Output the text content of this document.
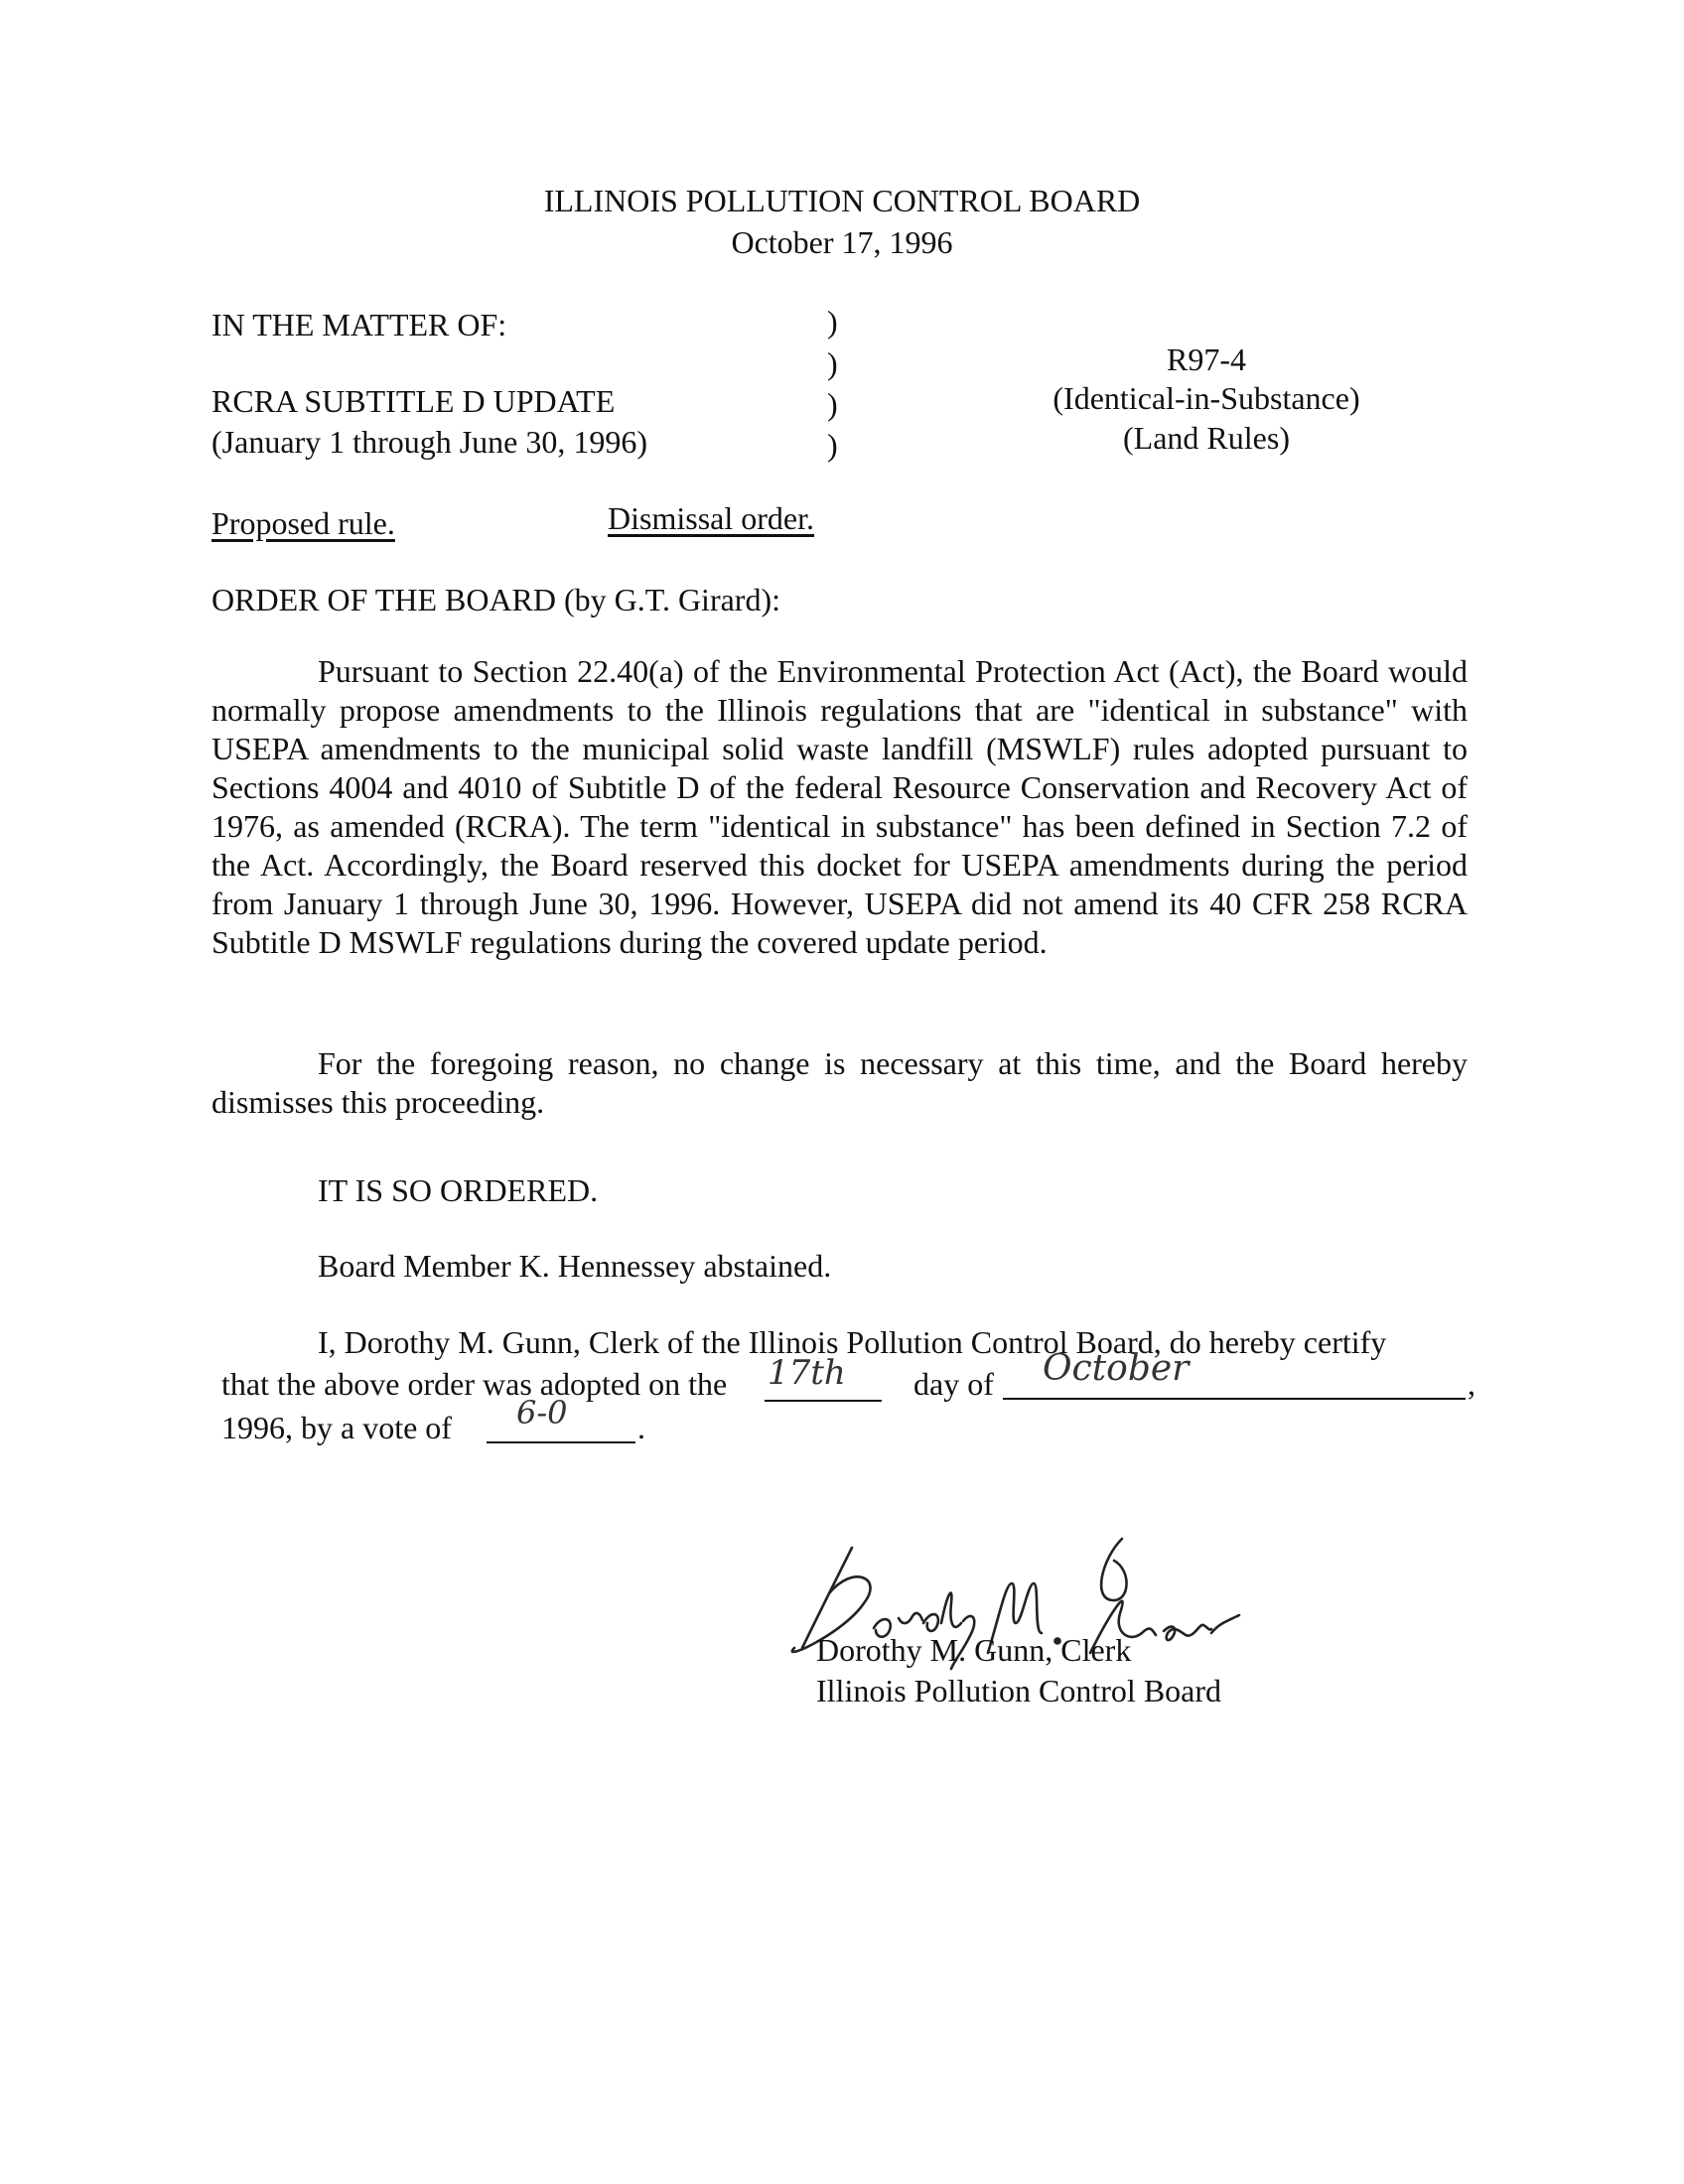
ILLINOIS POLLUTION CONTROL BOARD
October 17, 1996
IN THE MATTER OF:
RCRA SUBTITLE D UPDATE
(January 1 through June 30, 1996)
)
)
)
)
R97-4
(Identical-in-Substance)
(Land Rules)
Proposed rule.	Dismissal order.
ORDER OF THE BOARD (by G.T. Girard):
Pursuant to Section 22.40(a) of the Environmental Protection Act (Act), the Board would normally propose amendments to the Illinois regulations that are "identical in substance" with USEPA amendments to the municipal solid waste landfill (MSWLF) rules adopted pursuant to Sections 4004 and 4010 of Subtitle D of the federal Resource Conservation and Recovery Act of 1976, as amended (RCRA). The term "identical in substance" has been defined in Section 7.2 of the Act. Accordingly, the Board reserved this docket for USEPA amendments during the period from January 1 through June 30, 1996. However, USEPA did not amend its 40 CFR 258 RCRA Subtitle D MSWLF regulations during the covered update period.
For the foregoing reason, no change is necessary at this time, and the Board hereby dismisses this proceeding.
IT IS SO ORDERED.
Board Member K. Hennessey abstained.
I, Dorothy M. Gunn, Clerk of the Illinois Pollution Control Board, do hereby certify
that the above order was adopted on the 17th day of October	,
1996, by a vote of 6-0 .
Dorothy M. Gunn, Clerk
Illinois Pollution Control Board
